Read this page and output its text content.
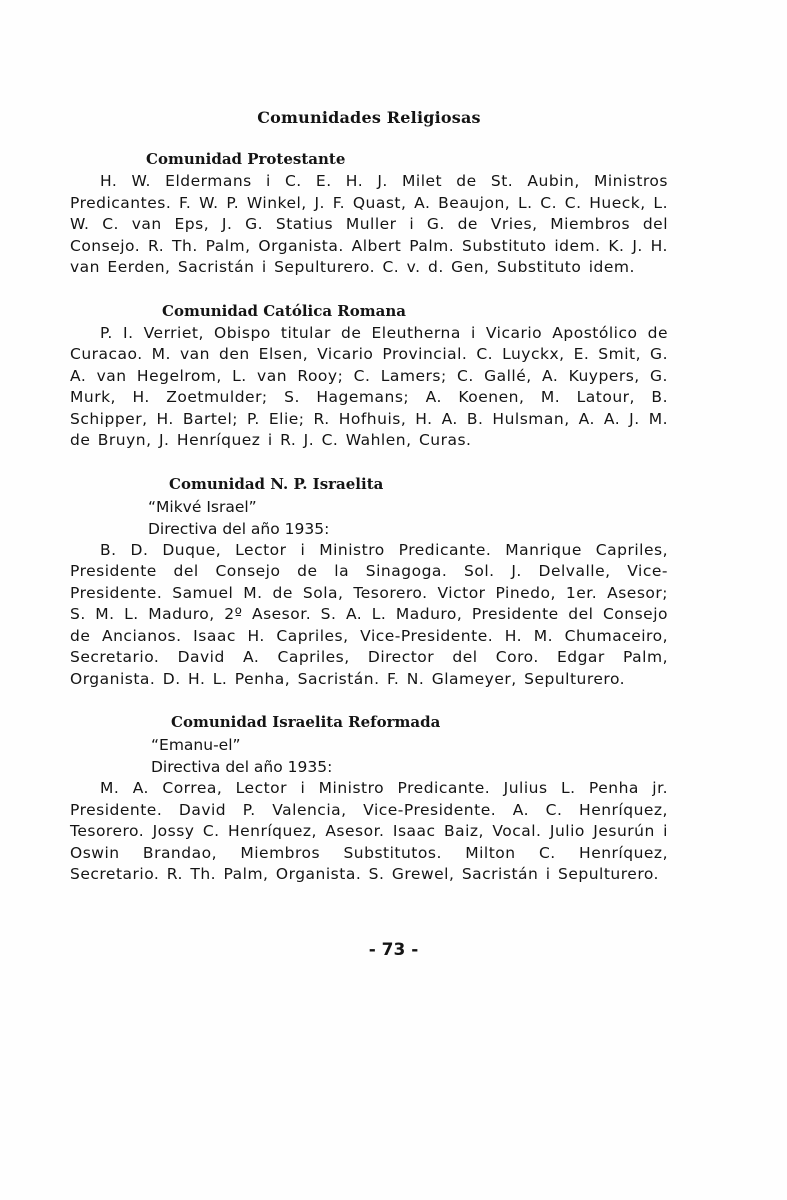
Comunidades Religiosas
Comunidad Protestante

H. W. Eldermans i C. E. H. J. Milet de St. Aubin, Ministros Predicantes. F. W. P. Winkel, J. F. Quast, A. Beaujon, L. C. C. Hueck, L. W. C. van Eps, J. G. Statius Muller i G. de Vries, Miembros del Consejo. R. Th. Palm, Organista. Albert Palm. Substituto idem. K. J. H. van Eerden, Sacristán i Sepulturero. C. v. d. Gen, Substituto idem.

Comunidad Católica Romana

P. I. Verriet, Obispo titular de Eleutherna i Vicario Apostólico de Curacao. M. van den Elsen, Vicario Provincial. C. Luyckx, E. Smit, G. A. van Hegelrom, L. van Rooy; C. Lamers; C. Gallé, A. Kuypers, G. Murk, H. Zoetmulder; S. Hagemans; A. Koenen, M. Latour, B. Schipper, H. Bartel; P. Elie; R. Hofhuis, H. A. B. Hulsman, A. A. J. M. de Bruyn, J. Henríquez i R. J. C. Wahlen, Curas.

Comunidad N. P. Israelita
“Mikvé Israel”
Directiva del año 1935:

B. D. Duque, Lector i Ministro Predicante. Manrique Capriles, Presidente del Consejo de la Sinagoga. Sol. J. Delvalle, Vice-Presidente. Samuel M. de Sola, Tesorero. Victor Pinedo, 1er. Asesor; S. M. L. Maduro, 2º Asesor. S. A. L. Maduro, Presidente del Consejo de Ancianos. Isaac H. Capriles, Vice-Presidente. H. M. Chumaceiro, Secretario. David A. Capriles, Director del Coro. Edgar Palm, Organista. D. H. L. Penha, Sacristán. F. N. Glameyer, Sepulturero.

Comunidad Israelita Reformada
“Emanu-el”
Directiva del año 1935:

M. A. Correa, Lector i Ministro Predicante. Julius L. Penha jr. Presidente. David P. Valencia, Vice-Presidente. A. C. Henríquez, Tesorero. Jossy C. Henríquez, Asesor. Isaac Baiz, Vocal. Julio Jesurún i Oswin Brandao, Miembros Substitutos. Milton C. Henríquez, Secretario. R. Th. Palm, Organista. S. Grewel, Sacristán i Sepulturero.

- 73 -
